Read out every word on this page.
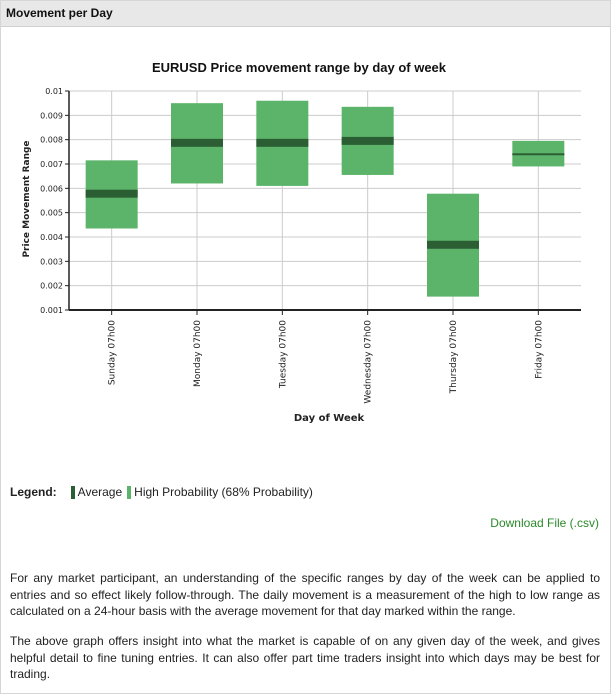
Movement per Day
EURUSD Price movement range by day of week
0.001
0.002
0.003
0.004
0.005
0.006
0.007
0.008
0.009
0.01
Sunday 07h00	Monday 07h00	Tuesday 07h00	Wednesday 07h00	Thursday 07h00	Friday 07h00
Price Movement Range
Day of Week
Legend: Average High Probability (68% Probability)
Download File (.csv)

For any market participant, an understanding of the specific ranges by day of the week can be applied to entries and so effect likely follow-through. The daily movement is a measurement of the high to low range as calculated on a 24-hour basis with the average movement for that day marked within the range.

The above graph offers insight into what the market is capable of on any given day of the week, and gives helpful detail to fine tuning entries. It can also offer part time traders insight into which days may be best for trading.
